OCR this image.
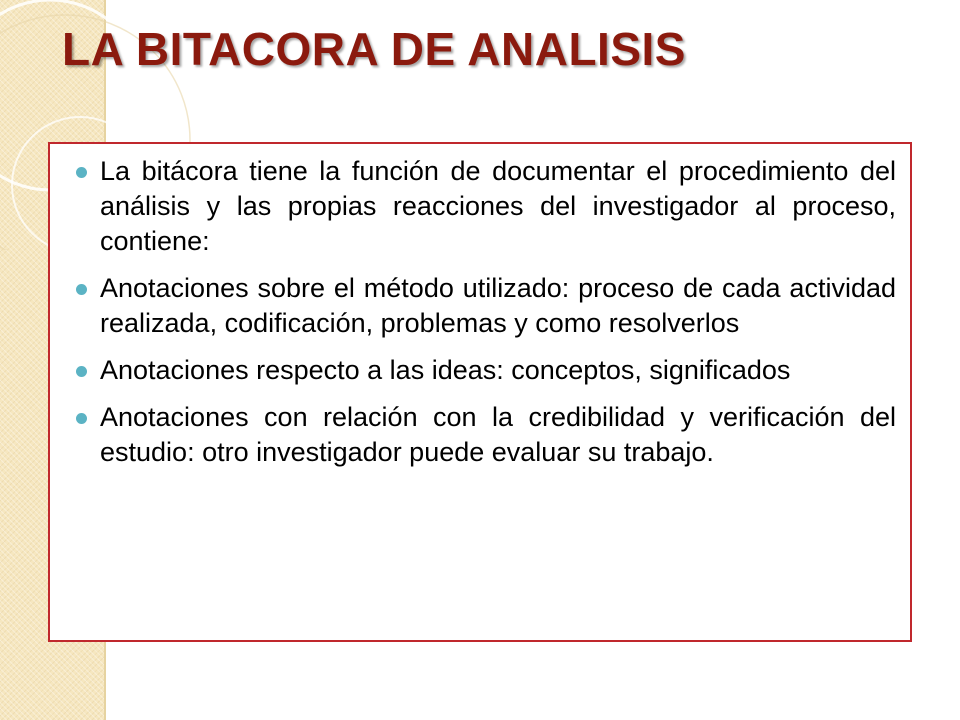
LA BITACORA DE ANALISIS
La bitácora tiene la función de documentar el procedimiento del análisis y las propias reacciones del investigador al proceso, contiene:
Anotaciones sobre el método utilizado: proceso de cada actividad realizada, codificación, problemas y como resolverlos
Anotaciones respecto a las ideas: conceptos, significados
Anotaciones con relación con la credibilidad y verificación del estudio: otro investigador puede evaluar su trabajo.
